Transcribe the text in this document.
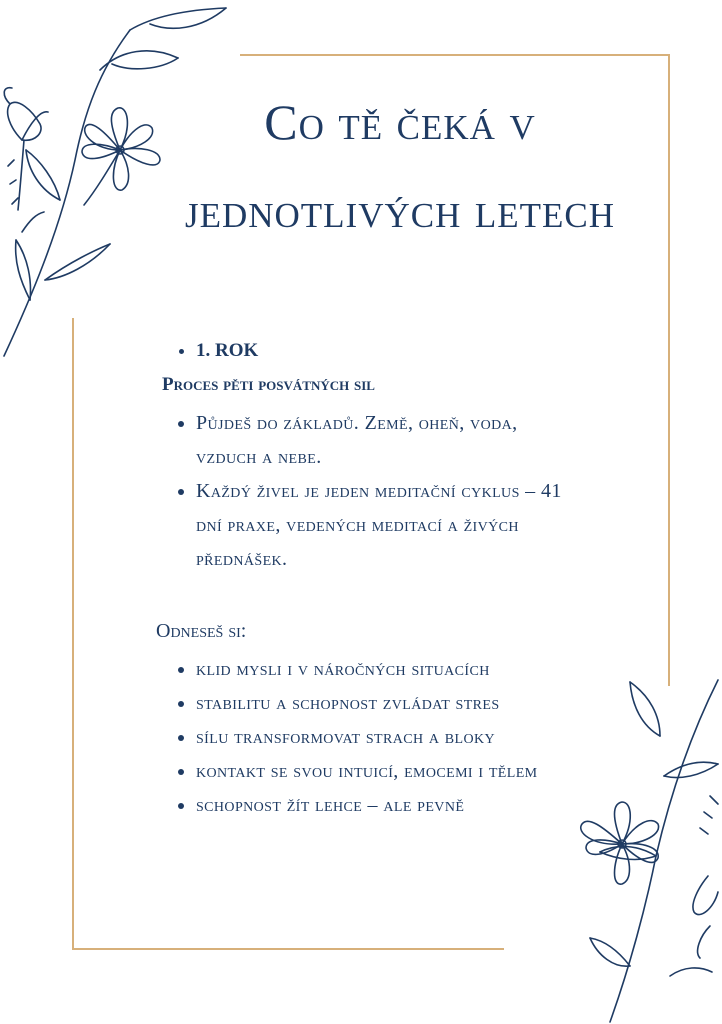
Co tě čeká v jednotlivých letech
• 1. ROK
Proces pěti posvátných sil
• Půjdeš do základů. Země, oheň, voda, vzduch a nebe.
• Každý živel je jeden meditační cyklus – 41 dní praxe, vedených meditací a živých přednášek.
Odneseš si:
• klid mysli i v náročných situacích
• stabilitu a schopnost zvládat stres
• sílu transformovat strach a bloky
• kontakt se svou intuicí, emocemi i tělem
• schopnost žít lehce – ale pevně
